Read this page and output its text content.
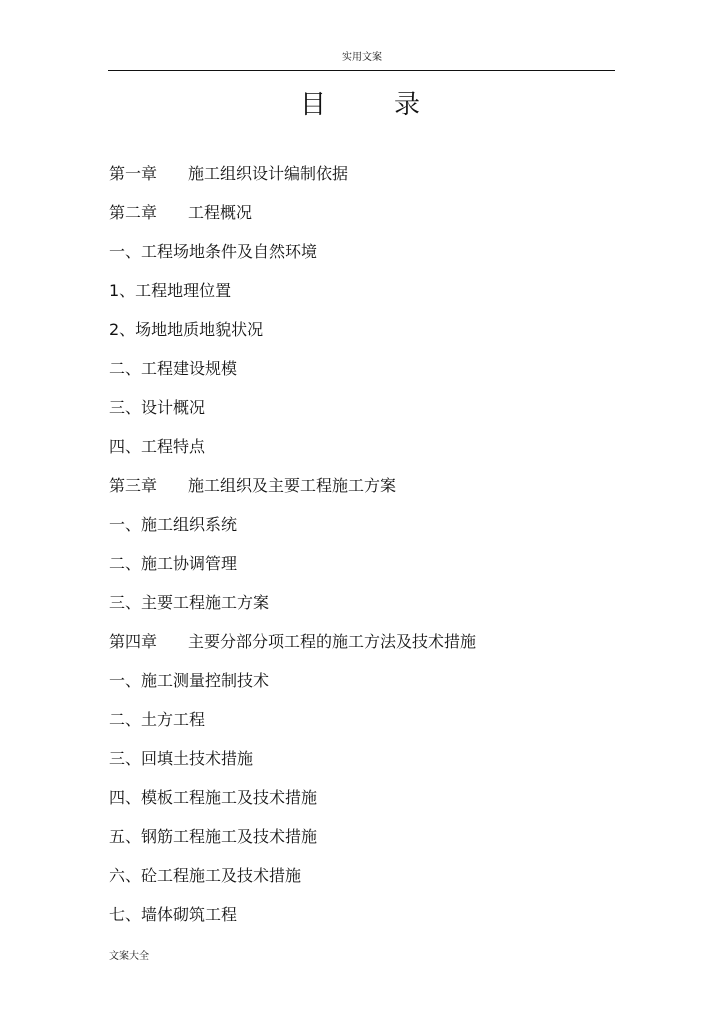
实用文案
目	录
第一章	施工组织设计编制依据
第二章	工程概况
一、工程场地条件及自然环境
1、工程地理位置
2、场地地质地貌状况
二、工程建设规模
三、设计概况
四、工程特点
第三章	施工组织及主要工程施工方案
一、施工组织系统
二、施工协调管理
三、主要工程施工方案
第四章	主要分部分项工程的施工方法及技术措施
一、施工测量控制技术
二、土方工程
三、回填土技术措施
四、模板工程施工及技术措施
五、钢筋工程施工及技术措施
六、砼工程施工及技术措施
七、墙体砌筑工程
文案大全
